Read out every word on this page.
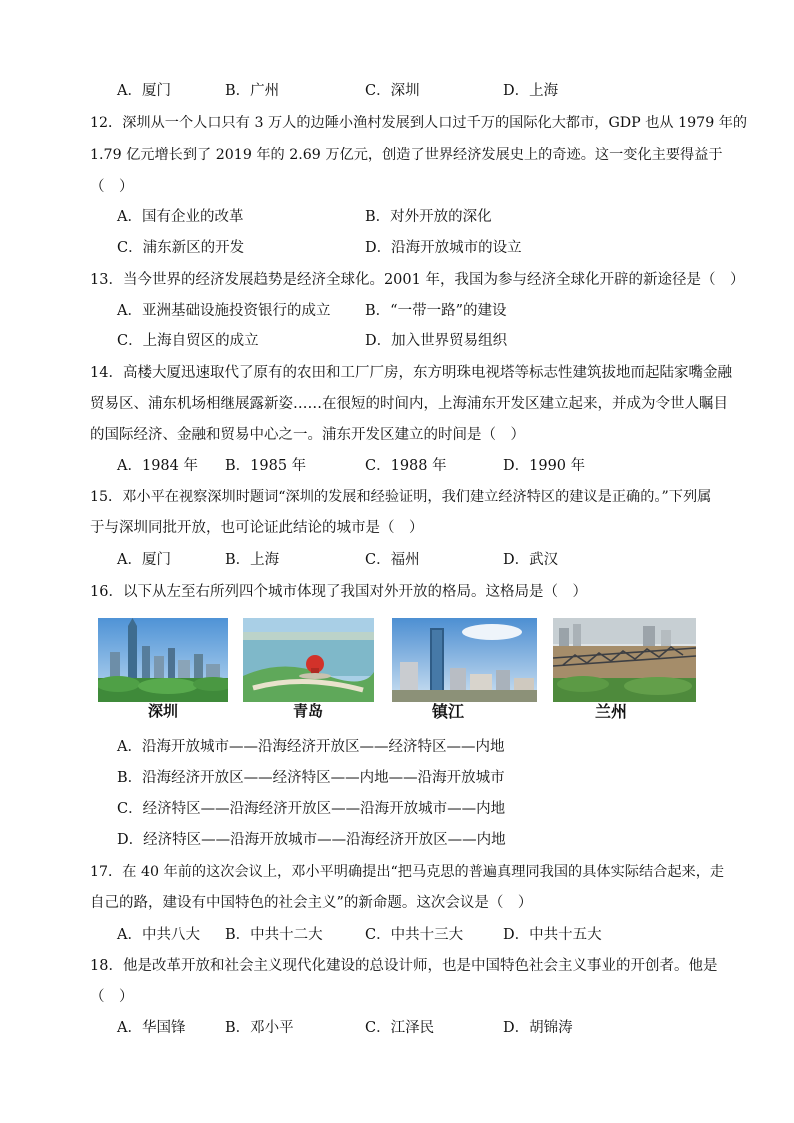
A．厦门	B．广州	C．深圳	D．上海
12．深圳从一个人口只有 3 万人的边陲小渔村发展到人口过千万的国际化大都市，GDP 也从 1979 年的
1.79 亿元增长到了 2019 年的 2.69 万亿元，创造了世界经济发展史上的奇迹。这一变化主要得益于
（　）
A．国有企业的改革	B．对外开放的深化
C．浦东新区的开发	D．沿海开放城市的设立
13．当今世界的经济发展趋势是经济全球化。2001 年，我国为参与经济全球化开辟的新途径是（　）
A．亚洲基础设施投资银行的成立 B．“一带一路”的建设
C．上海自贸区的成立	D．加入世界贸易组织
14．高楼大厦迅速取代了原有的农田和工厂厂房，东方明珠电视塔等标志性建筑拔地而起陆家嘴金融
贸易区、浦东机场相继展露新姿……在很短的时间内，上海浦东开发区建立起来，并成为令世人瞩目
的国际经济、金融和贸易中心之一。浦东开发区建立的时间是（　）
A．1984 年 B．1985 年	C．1988 年	D．1990 年
15．邓小平在视察深圳时题词“深圳的发展和经验证明，我们建立经济特区的建议是正确的。”下列属
于与深圳同批开放，也可论证此结论的城市是（　）
A．厦门	B．上海	C．福州	D．武汉
16．以下从左至右所列四个城市体现了我国对外开放的格局。这格局是（　）
深圳	青岛	镇江	兰州
A．沿海开放城市——沿海经济开放区——经济特区——内地
B．沿海经济开放区——经济特区——内地——沿海开放城市
C．经济特区——沿海经济开放区——沿海开放城市——内地
D．经济特区——沿海开放城市——沿海经济开放区——内地
17．在 40 年前的这次会议上，邓小平明确提出“把马克思的普遍真理同我国的具体实际结合起来，走
自己的路，建设有中国特色的社会主义”的新命题。这次会议是（　）
A．中共八大 B．中共十二大	C．中共十三大	D．中共十五大
18．他是改革开放和社会主义现代化建设的总设计师，也是中国特色社会主义事业的开创者。他是
（　）
A．华国锋	B．邓小平	C．江泽民	D．胡锦涛
